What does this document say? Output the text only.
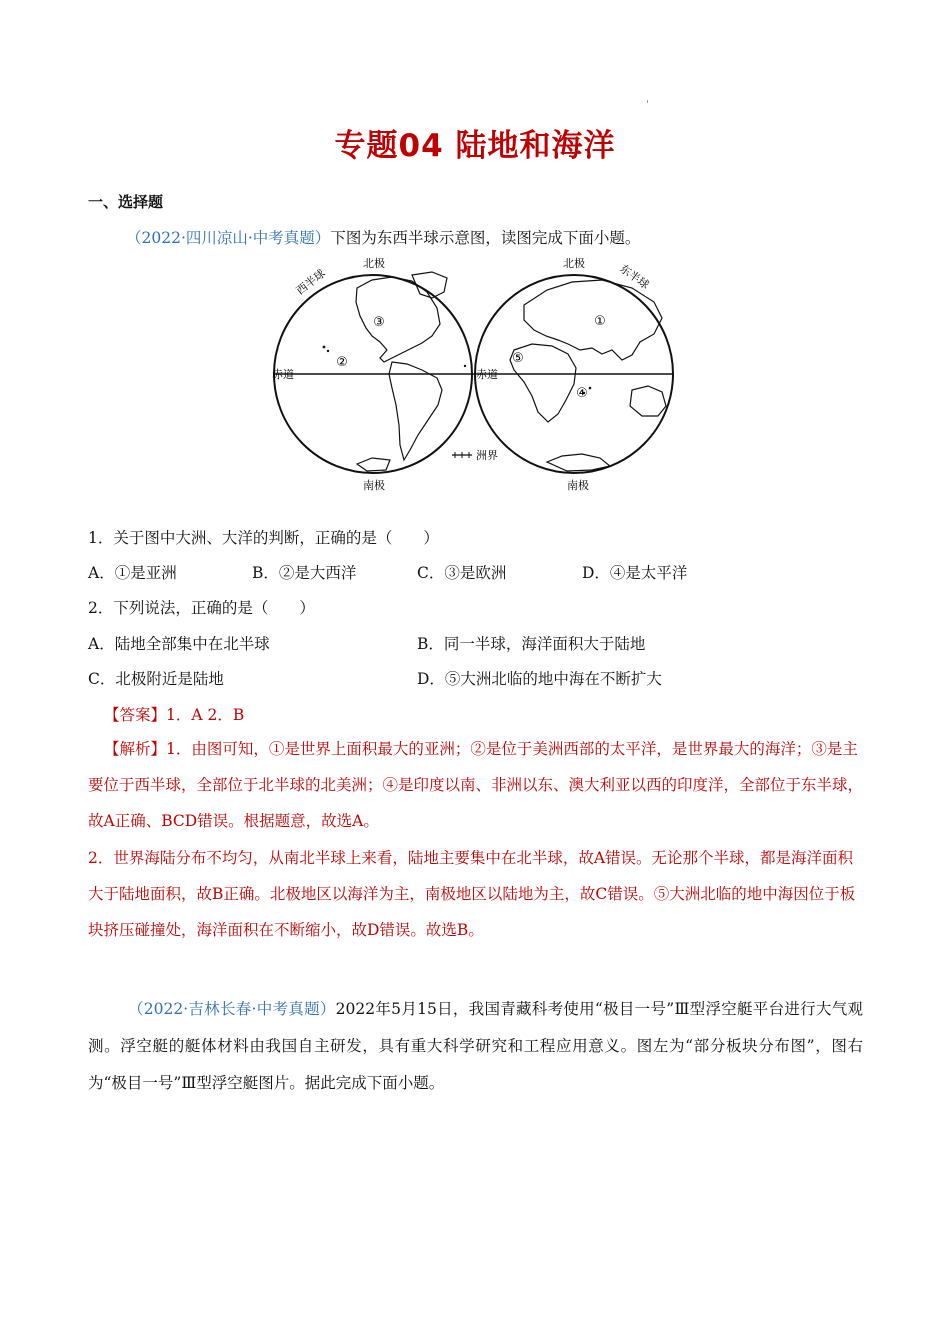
专题04 陆地和海洋
一、选择题
（2022·四川凉山·中考真题）下图为东西半球示意图，读图完成下面小题。
③
②
①
⑤
④
北极	北极
南极	南极
赤道	赤道
西半球	东半球
洲界
1．关于图中大洲、大洋的判断，正确的是（　　）
A．①是亚洲	B．②是大西洋	C．③是欧洲	D．④是太平洋
2．下列说法，正确的是（　　）
A．陆地全部集中在北半球	B．同一半球，海洋面积大于陆地
C．北极附近是陆地	D．⑤大洲北临的地中海在不断扩大
【答案】1．A 2．B
【解析】1．由图可知，①是世界上面积最大的亚洲；②是位于美洲西部的太平洋，是世界最大的海洋；③是主要位于西半球，全部位于北半球的北美洲；④是印度以南、非洲以东、澳大利亚以西的印度洋，全部位于东半球，故A正确、BCD错误。根据题意，故选A。
2．世界海陆分布不均匀，从南北半球上来看，陆地主要集中在北半球，故A错误。无论那个半球，都是海洋面积大于陆地面积，故B正确。北极地区以海洋为主，南极地区以陆地为主，故C错误。⑤大洲北临的地中海因位于板块挤压碰撞处，海洋面积在不断缩小，故D错误。故选B。
（2022·吉林长春·中考真题）2022年5月15日，我国青藏科考使用“极目一号”Ⅲ型浮空艇平台进行大气观测。浮空艇的艇体材料由我国自主研发，具有重大科学研究和工程应用意义。图左为“部分板块分布图”，图右为“极目一号”Ⅲ型浮空艇图片。据此完成下面小题。
